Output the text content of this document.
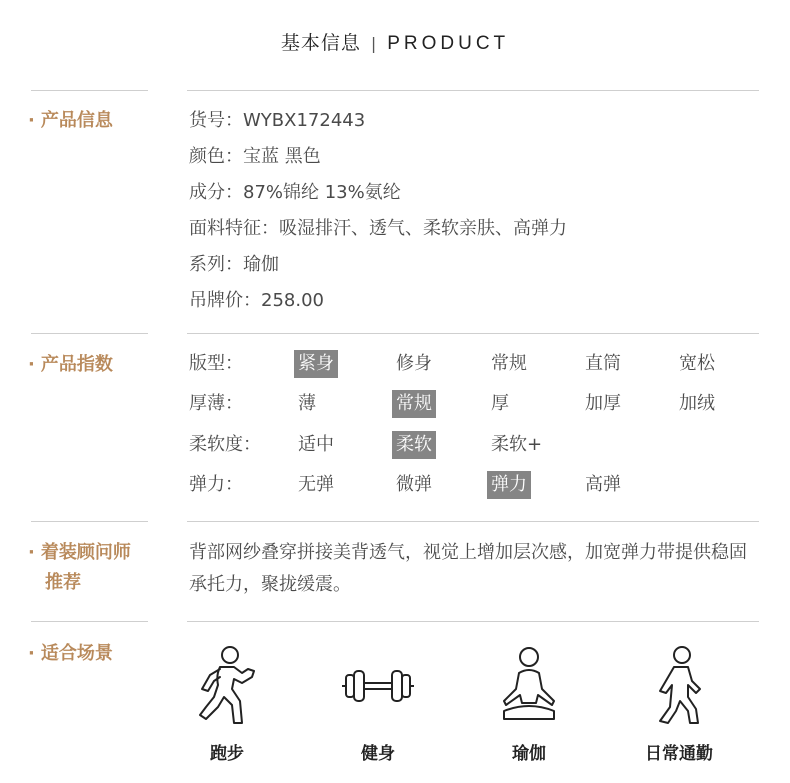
基本信息 | PRODUCT
· 产品信息	货号：WYBX172443
颜色：宝蓝 黑色
成分：87%锦纶 13%氨纶
面料特征：吸湿排汗、透气、柔软亲肤、高弹力
系列：瑜伽
吊牌价：258.00
· 产品指数	版型：	紧身	修身	常规	直筒	宽松
厚薄：	薄	常规	厚	加厚	加绒
柔软度： 适中	柔软	柔软+
弹力：	无弹	微弹	弹力	高弹
· 着装顾问师
推荐
背部网纱叠穿拼接美背透气，视觉上增加层次感，加宽弹力带提供稳固承托力，聚拢缓震。
· 适合场景
跑步	健身	瑜伽	日常通勤
